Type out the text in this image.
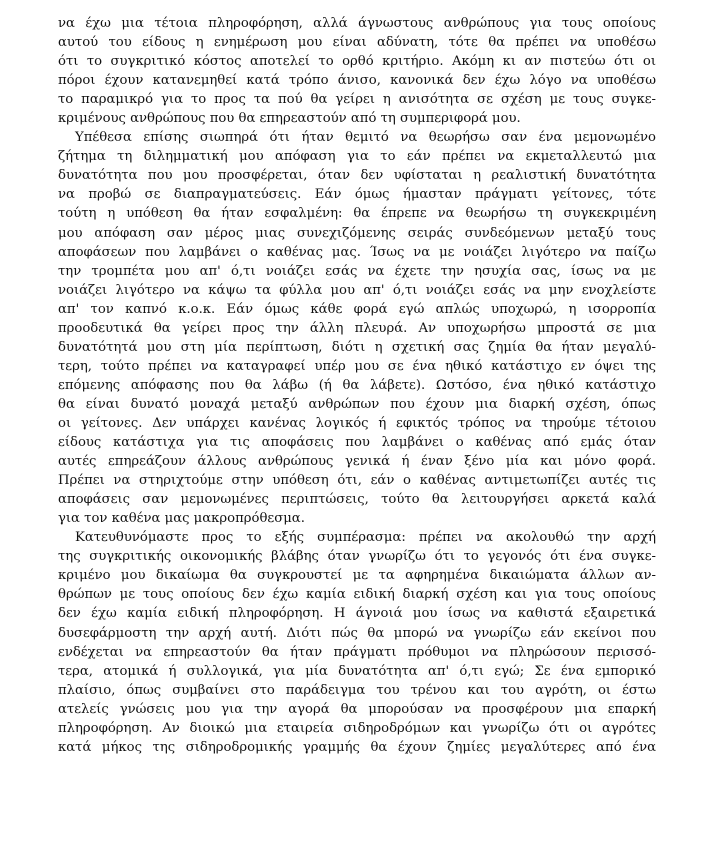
να έχω μια τέτοια πληροφόρηση, αλλά άγνωστους ανθρώπους για τους οποίους
αυτού του είδους η ενημέρωση μου είναι αδύνατη, τότε θα πρέπει να υποθέσω
ότι το συγκριτικό κόστος αποτελεί το ορθό κριτήριο. Ακόμη κι αν πιστεύω ότι οι
πόροι έχουν κατανεμηθεί κατά τρόπο άνισο, κανονικά δεν έχω λόγο να υποθέσω
το παραμικρό για το προς τα πού θα γείρει η ανισότητα σε σχέση με τους συγκε-
κριμένους ανθρώπους που θα επηρεαστούν από τη συμπεριφορά μου.
Υπέθεσα επίσης σιωπηρά ότι ήταν θεμιτό να θεωρήσω σαν ένα μεμονωμένο
ζήτημα τη διλημματική μου απόφαση για το εάν πρέπει να εκμεταλλευτώ μια
δυνατότητα που μου προσφέρεται, όταν δεν υφίσταται η ρεαλιστική δυνατότητα
να προβώ σε διαπραγματεύσεις. Εάν όμως ήμασταν πράγματι γείτονες, τότε
τούτη η υπόθεση θα ήταν εσφαλμένη: θα έπρεπε να θεωρήσω τη συγκεκριμένη
μου απόφαση σαν μέρος μιας συνεχιζόμενης σειράς συνδεόμενων μεταξύ τους
αποφάσεων που λαμβάνει ο καθένας μας. Ίσως να με νοιάζει λιγότερο να παίζω
την τρομπέτα μου απ' ό,τι νοιάζει εσάς να έχετε την ησυχία σας, ίσως να με
νοιάζει λιγότερο να κάψω τα φύλλα μου απ' ό,τι νοιάζει εσάς να μην ενοχλείστε
απ' τον καπνό κ.ο.κ. Εάν όμως κάθε φορά εγώ απλώς υποχωρώ, η ισορροπία
προοδευτικά θα γείρει προς την άλλη πλευρά. Αν υποχωρήσω μπροστά σε μια
δυνατότητά μου στη μία περίπτωση, διότι η σχετική σας ζημία θα ήταν μεγαλύ-
τερη, τούτο πρέπει να καταγραφεί υπέρ μου σε ένα ηθικό κατάστιχο εν όψει της
επόμενης απόφασης που θα λάβω (ή θα λάβετε). Ωστόσο, ένα ηθικό κατάστιχο
θα είναι δυνατό μοναχά μεταξύ ανθρώπων που έχουν μια διαρκή σχέση, όπως
οι γείτονες. Δεν υπάρχει κανένας λογικός ή εφικτός τρόπος να τηρούμε τέτοιου
είδους κατάστιχα για τις αποφάσεις που λαμβάνει ο καθένας από εμάς όταν
αυτές επηρεάζουν άλλους ανθρώπους γενικά ή έναν ξένο μία και μόνο φορά.
Πρέπει να στηριχτούμε στην υπόθεση ότι, εάν ο καθένας αντιμετωπίζει αυτές τις
αποφάσεις σαν μεμονωμένες περιπτώσεις, τούτο θα λειτουργήσει αρκετά καλά
για τον καθένα μας μακροπρόθεσμα.
Κατευθυνόμαστε προς το εξής συμπέρασμα: πρέπει να ακολουθώ την αρχή
της συγκριτικής οικονομικής βλάβης όταν γνωρίζω ότι το γεγονός ότι ένα συγκε-
κριμένο μου δικαίωμα θα συγκρουστεί με τα αφηρημένα δικαιώματα άλλων αν-
θρώπων με τους οποίους δεν έχω καμία ειδική διαρκή σχέση και για τους οποίους
δεν έχω καμία ειδική πληροφόρηση. Η άγνοιά μου ίσως να καθιστά εξαιρετικά
δυσεφάρμοστη την αρχή αυτή. Διότι πώς θα μπορώ να γνωρίζω εάν εκείνοι που
ενδέχεται να επηρεαστούν θα ήταν πράγματι πρόθυμοι να πληρώσουν περισσό-
τερα, ατομικά ή συλλογικά, για μία δυνατότητα απ' ό,τι εγώ; Σε ένα εμπορικό
πλαίσιο, όπως συμβαίνει στο παράδειγμα του τρένου και του αγρότη, οι έστω
ατελείς γνώσεις μου για την αγορά θα μπορούσαν να προσφέρουν μια επαρκή
πληροφόρηση. Αν διοικώ μια εταιρεία σιδηροδρόμων και γνωρίζω ότι οι αγρότες
κατά μήκος της σιδηροδρομικής γραμμής θα έχουν ζημίες μεγαλύτερες από ένα
